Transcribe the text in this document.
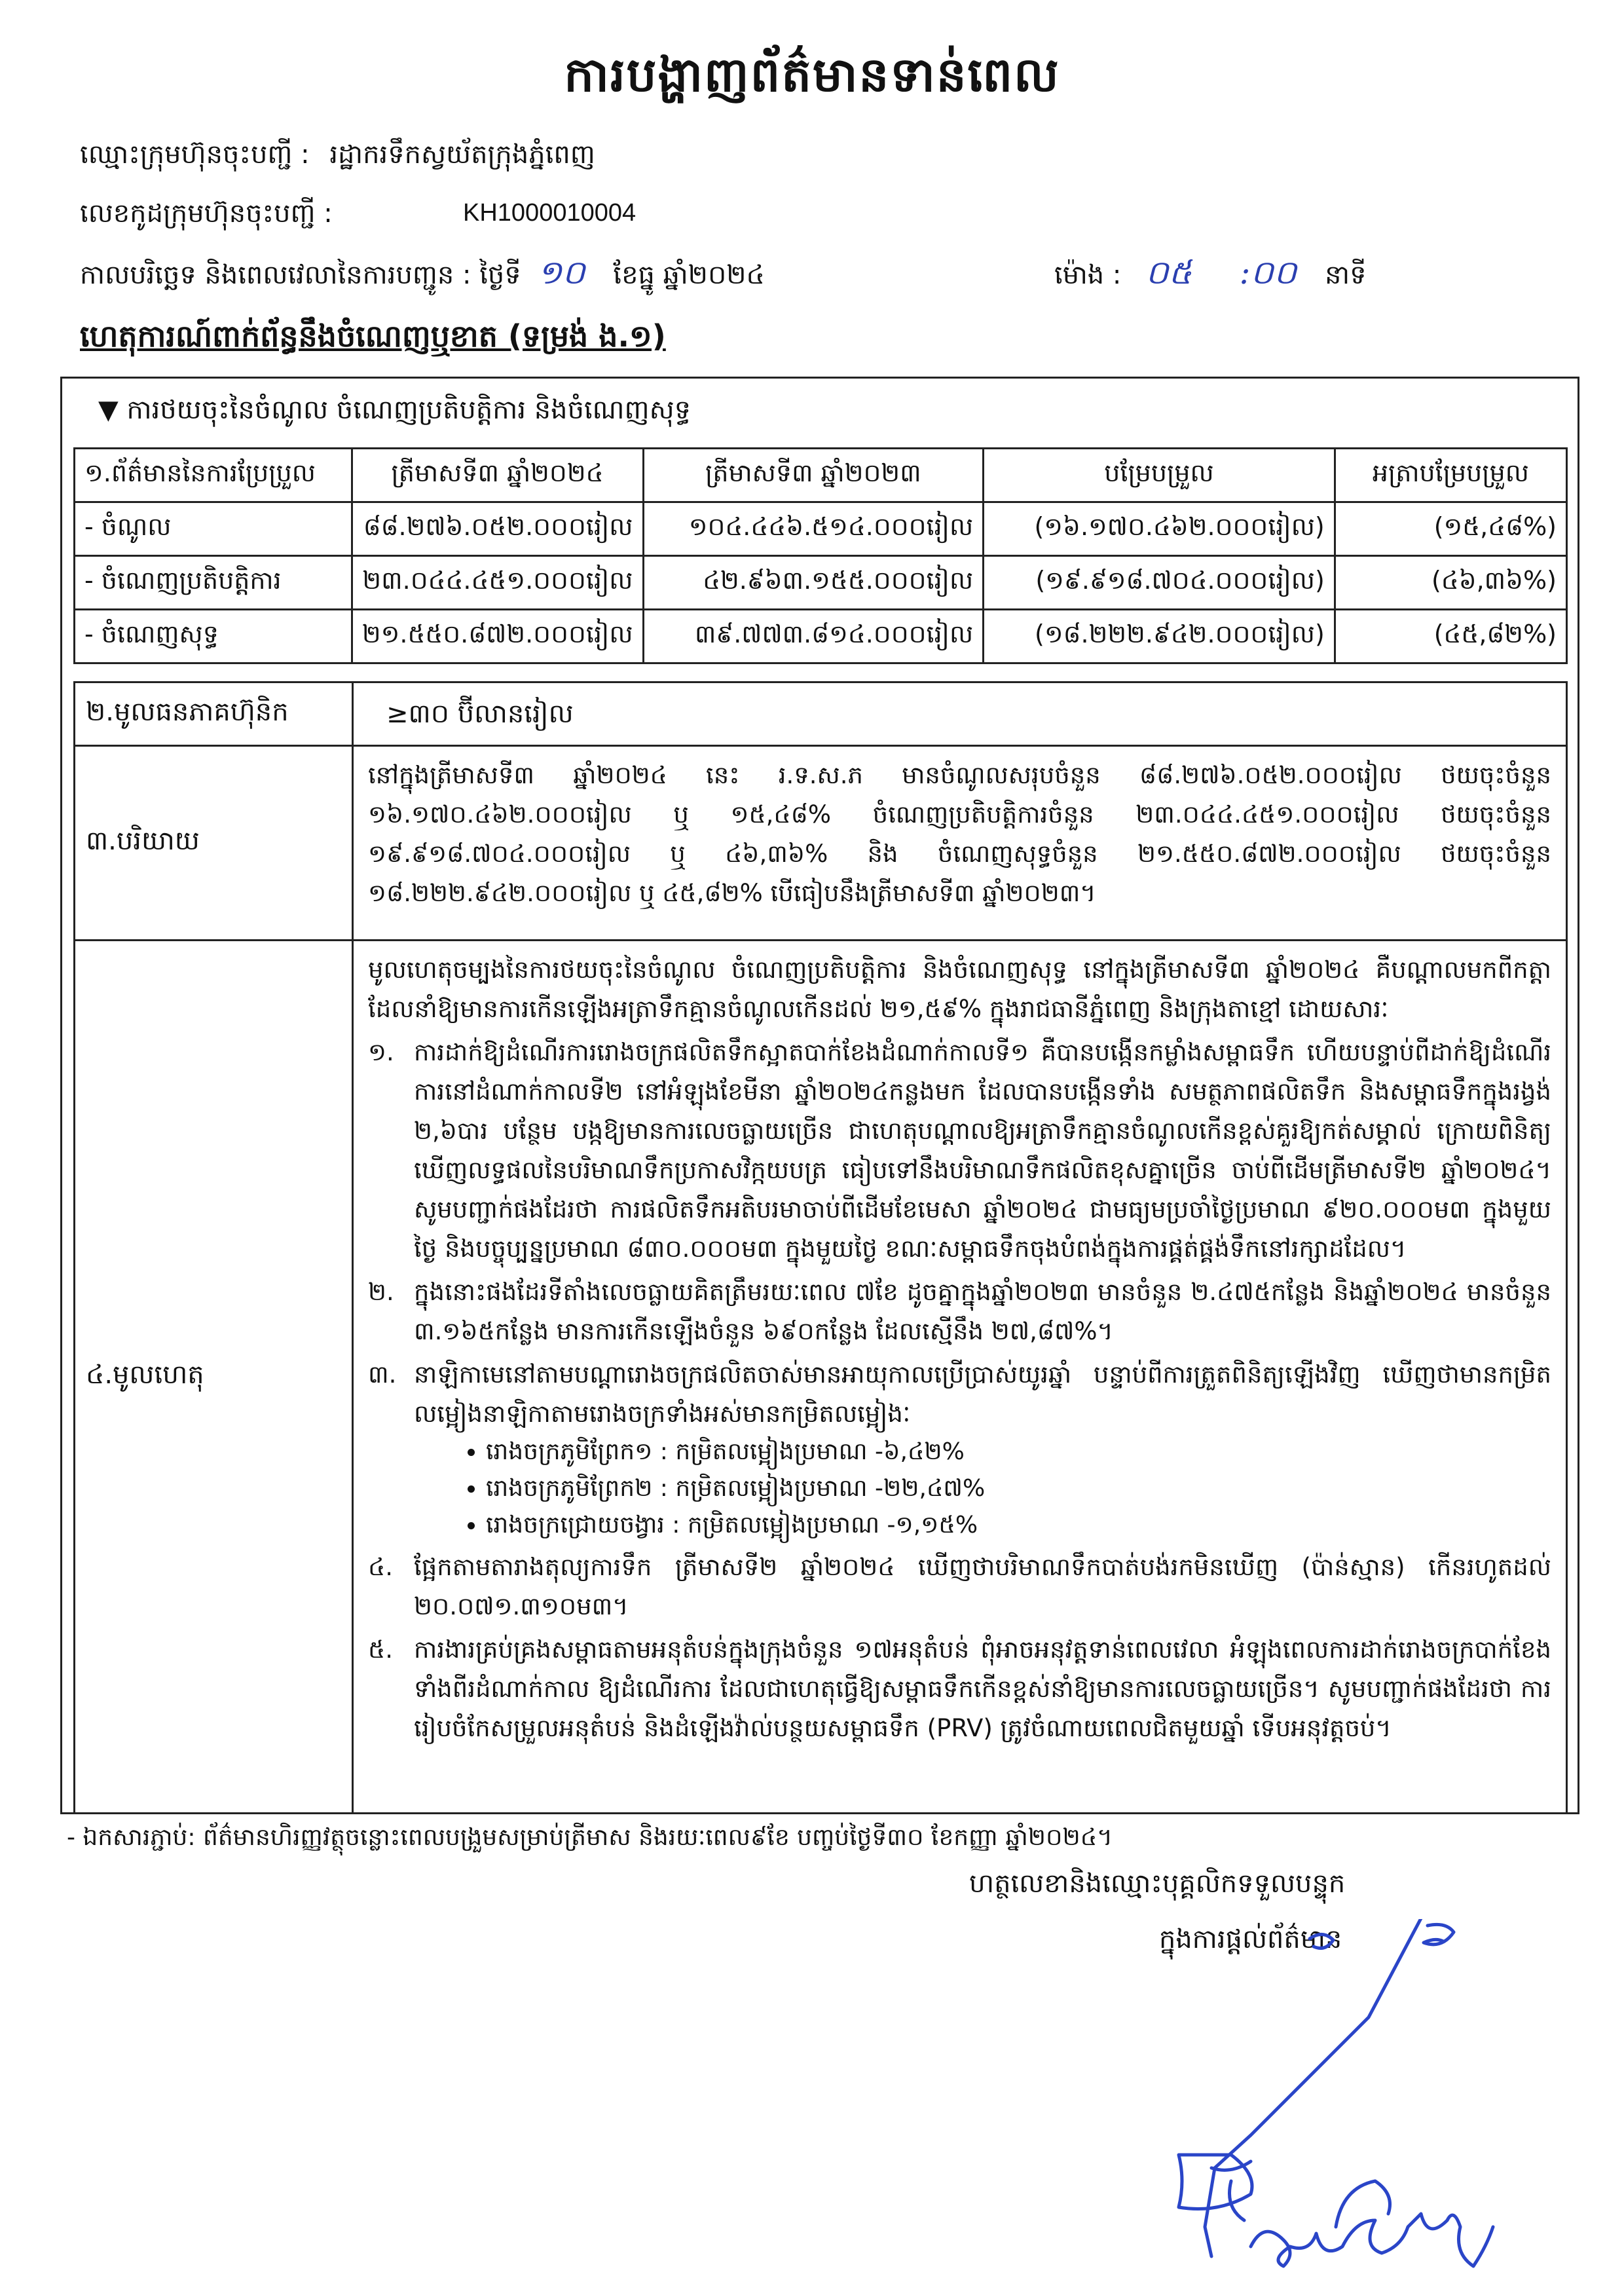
ការបង្ហាញព័ត៌មានទាន់ពេល
ឈ្មោះក្រុមហ៊ុនចុះបញ្ជី : រដ្ឋាករទឹកស្វយ័តក្រុងភ្នំពេញ
លេខកូដក្រុមហ៊ុនចុះបញ្ជី :	KH1000010004
កាលបរិច្ឆេទ និងពេលវេលានៃការបញ្ជូន : ថ្ងៃទី ១០ ខែធ្នូ ឆ្នាំ២០២៤	ម៉ោង : ០៥ :០០ នាទី
ហេតុការណ៍ពាក់ព័ន្ធនឹងចំណេញឬខាត (ទម្រង់ ង.១)
▼ ការថយចុះនៃចំណូល ចំណេញប្រតិបត្តិការ និងចំណេញសុទ្ធ
១.ព័ត៌មាននៃការប្រែប្រួល	ត្រីមាសទី៣ ឆ្នាំ២០២៤	ត្រីមាសទី៣ ឆ្នាំ២០២៣	បម្រែបម្រួល	អត្រាបម្រែបម្រួល
- ចំណូល	៨៨.២៧៦.០៥២.០០០រៀល	១០៤.៤៤៦.៥១៤.០០០រៀល	(១៦.១៧០.៤៦២.០០០រៀល)	(១៥,៤៨%)
- ចំណេញប្រតិបត្តិការ	២៣.០៤៤.៤៥១.០០០រៀល	៤២.៩៦៣.១៥៥.០០០រៀល	(១៩.៩១៨.៧០៤.០០០រៀល)	(៤៦,៣៦%)
- ចំណេញសុទ្ធ	២១.៥៥០.៨៧២.០០០រៀល	៣៩.៧៧៣.៨១៤.០០០រៀល	(១៨.២២២.៩៤២.០០០រៀល)	(៤៥,៨២%)
២.មូលធនភាគហ៊ុនិក	≥៣០ ប៊ីលានរៀល
៣.បរិយាយ
នៅក្នុងត្រីមាសទី៣ ឆ្នាំ២០២៤ នេះ រ.ទ.ស.ភ មានចំណូលសរុបចំនួន ៨៨.២៧៦.០៥២.០០០រៀល ថយចុះចំនួន ១៦.១៧០.៤៦២.០០០រៀល ឬ ១៥,៤៨% ចំណេញប្រតិបត្តិការចំនួន ២៣.០៤៤.៤៥១.០០០រៀល ថយចុះចំនួន ១៩.៩១៨.៧០៤.០០០រៀល ឬ ៤៦,៣៦% និង ចំណេញសុទ្ធចំនួន ២១.៥៥០.៨៧២.០០០រៀល ថយចុះចំនួន ១៨.២២២.៩៤២.០០០រៀល ឬ ៤៥,៨២% បើធៀបនឹងត្រីមាសទី៣ ឆ្នាំ២០២៣។
៤.មូលហេតុ
មូលហេតុចម្បងនៃការថយចុះនៃចំណូល ចំណេញប្រតិបត្តិការ និងចំណេញសុទ្ធ នៅក្នុងត្រីមាសទី៣ ឆ្នាំ២០២៤ គឺបណ្តាលមកពីកត្តាដែលនាំឱ្យមានការកើនឡើងអត្រាទឹកគ្មានចំណូលកើនដល់ ២១,៥៩% ក្នុងរាជធានីភ្នំពេញ និងក្រុងតាខ្មៅ ដោយសារៈ
១. ការដាក់ឱ្យដំណើរការរោងចក្រផលិតទឹកស្អាតបាក់ខែងដំណាក់កាលទី១ គឺបានបង្កើនកម្លាំងសម្ពាធទឹក ហើយបន្ទាប់ពីដាក់ឱ្យដំណើរការនៅដំណាក់កាលទី២ នៅអំឡុងខែមីនា ឆ្នាំ២០២៤កន្លងមក ដែលបានបង្កើនទាំង សមត្ថភាពផលិតទឹក និងសម្ពាធទឹកក្នុងរង្វង់ ២,៦បារ បន្ថែម បង្កឱ្យមានការលេចធ្លាយច្រើន ជាហេតុបណ្តាលឱ្យអត្រាទឹកគ្មានចំណូលកើនខ្ពស់គួរឱ្យកត់សម្គាល់ ក្រោយពិនិត្យឃើញលទ្ធផលនៃបរិមាណទឹកប្រកាសវិក្កយបត្រ ធៀបទៅនឹងបរិមាណទឹកផលិតខុសគ្នាច្រើន ចាប់ពីដើមត្រីមាសទី២ ឆ្នាំ២០២៤។ សូមបញ្ជាក់ផងដែរថា ការផលិតទឹកអតិបរមាចាប់ពីដើមខែមេសា ឆ្នាំ២០២៤ ជាមធ្យមប្រចាំថ្ងៃប្រមាណ ៩២០.០០០ម៣ ក្នុងមួយថ្ងៃ និងបច្ចុប្បន្នប្រមាណ ៨៣០.០០០ម៣ ក្នុងមួយថ្ងៃ ខណៈសម្ពាធទឹកចុងបំពង់ក្នុងការផ្គត់ផ្គង់ទឹកនៅរក្សាដដែល។
២. ក្នុងនោះផងដែរទីតាំងលេចធ្លាយគិតត្រឹមរយៈពេល ៧ខែ ដូចគ្នាក្នុងឆ្នាំ២០២៣ មានចំនួន ២.៤៧៥កន្លែង និងឆ្នាំ២០២៤ មានចំនួន ៣.១៦៥កន្លែង មានការកើនឡើងចំនួន ៦៩០កន្លែង ដែលស្មើនឹង ២៧,៨៧%។
៣. នាឡិកាមេនៅតាមបណ្តារោងចក្រផលិតចាស់មានអាយុកាលប្រើប្រាស់យូរឆ្នាំ បន្ទាប់ពីការត្រួតពិនិត្យឡើងវិញ ឃើញថាមានកម្រិតលម្អៀងនាឡិកាតាមរោងចក្រទាំងអស់មានកម្រិតលម្អៀងៈ
• រោងចក្រភូមិព្រែក១ : កម្រិតលម្អៀងប្រមាណ -៦,៤២%
• រោងចក្រភូមិព្រែក២ : កម្រិតលម្អៀងប្រមាណ -២២,៤៧%
• រោងចក្រជ្រោយចង្វារ : កម្រិតលម្អៀងប្រមាណ -១,១៥%
៤. ផ្អែកតាមតារាងតុល្យការទឹក ត្រីមាសទី២ ឆ្នាំ២០២៤ ឃើញថាបរិមាណទឹកបាត់បង់រកមិនឃើញ (ប៉ាន់ស្មាន) កើនរហូតដល់ ២០.០៧១.៣១០ម៣។
៥. ការងារគ្រប់គ្រងសម្ពាធតាមអនុតំបន់ក្នុងក្រុងចំនួន ១៧អនុតំបន់ ពុំអាចអនុវត្តទាន់ពេលវេលា អំឡុងពេលការដាក់រោងចក្របាក់ខែងទាំងពីរដំណាក់កាល ឱ្យដំណើរការ ដែលជាហេតុធ្វើឱ្យសម្ពាធទឹកកើនខ្ពស់នាំឱ្យមានការលេចធ្លាយច្រើន។ សូមបញ្ជាក់ផងដែរថា ការរៀបចំកែសម្រួលអនុតំបន់ និងដំឡើងវ៉ាល់បន្ថយសម្ពាធទឹក (PRV) ត្រូវចំណាយពេលជិតមួយឆ្នាំ ទើបអនុវត្តចប់។
- ឯកសារភ្ជាប់: ព័ត៌មានហិរញ្ញវត្ថុចន្លោះពេលបង្រួមសម្រាប់ត្រីមាស និងរយៈពេល៩ខែ បញ្ចប់ថ្ងៃទី៣០ ខែកញ្ញា ឆ្នាំ២០២៤។
ហត្ថលេខានិងឈ្មោះបុគ្គលិកទទួលបន្ទុក
ក្នុងការផ្តល់ព័ត៌មាន
